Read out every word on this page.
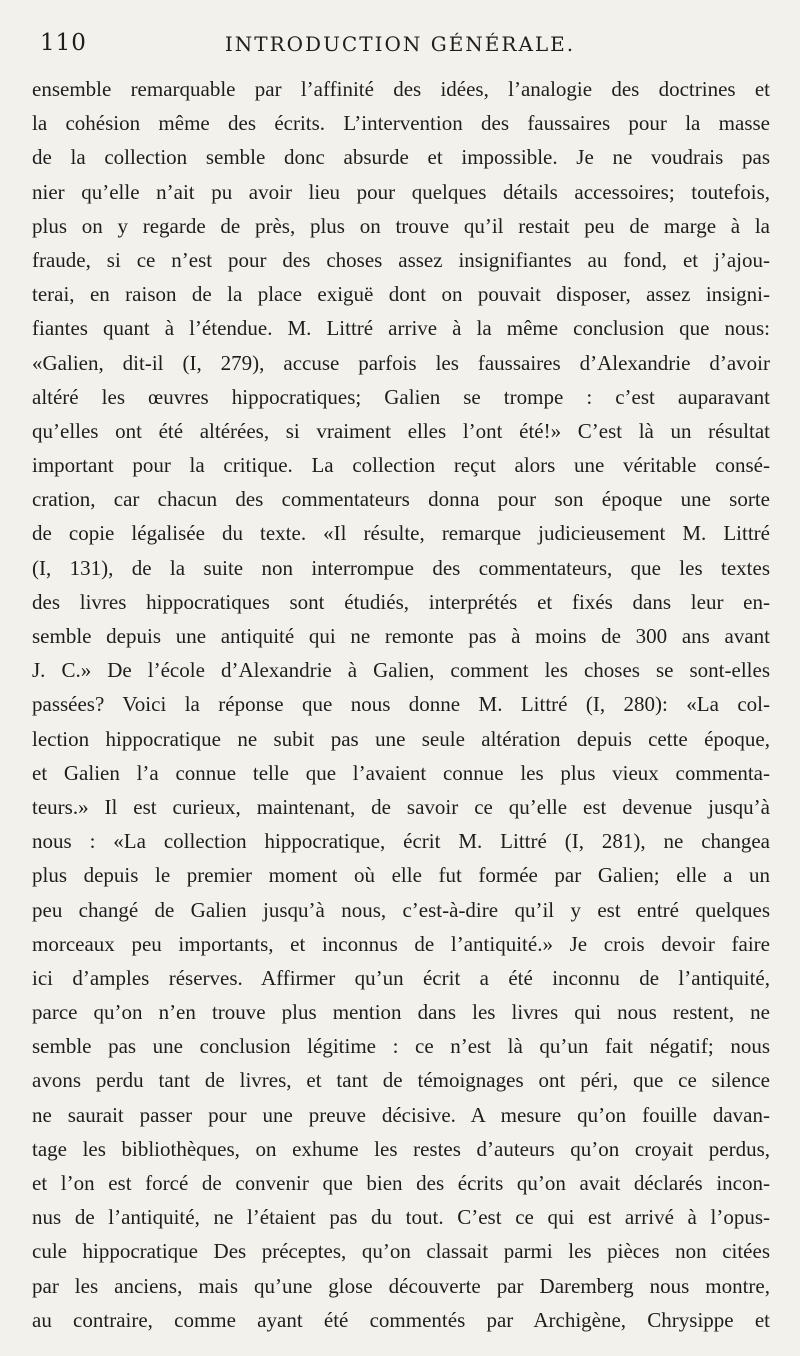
110	INTRODUCTION GÉNÉRALE.
ensemble remarquable par l’affinité des idées, l’analogie des doctrines et
la cohésion même des écrits. L’intervention des faussaires pour la masse
de la collection semble donc absurde et impossible. Je ne voudrais pas
nier qu’elle n’ait pu avoir lieu pour quelques détails accessoires; toutefois,
plus on y regarde de près, plus on trouve qu’il restait peu de marge à la
fraude, si ce n’est pour des choses assez insignifiantes au fond, et j’ajou-
terai, en raison de la place exiguë dont on pouvait disposer, assez insigni-
fiantes quant à l’étendue. M. Littré arrive à la même conclusion que nous:
«Galien, dit-il (I, 279), accuse parfois les faussaires d’Alexandrie d’avoir
altéré les œuvres hippocratiques; Galien se trompe : c’est auparavant
qu’elles ont été altérées, si vraiment elles l’ont été!» C’est là un résultat
important pour la critique. La collection reçut alors une véritable consé-
cration, car chacun des commentateurs donna pour son époque une sorte
de copie légalisée du texte. «Il résulte, remarque judicieusement M. Littré
(I, 131), de la suite non interrompue des commentateurs, que les textes
des livres hippocratiques sont étudiés, interprétés et fixés dans leur en-
semble depuis une antiquité qui ne remonte pas à moins de 300 ans avant
J. C.» De l’école d’Alexandrie à Galien, comment les choses se sont-elles
passées? Voici la réponse que nous donne M. Littré (I, 280): «La col-
lection hippocratique ne subit pas une seule altération depuis cette époque,
et Galien l’a connue telle que l’avaient connue les plus vieux commenta-
teurs.» Il est curieux, maintenant, de savoir ce qu’elle est devenue jusqu’à
nous : «La collection hippocratique, écrit M. Littré (I, 281), ne changea
plus depuis le premier moment où elle fut formée par Galien; elle a un
peu changé de Galien jusqu’à nous, c’est-à-dire qu’il y est entré quelques
morceaux peu importants, et inconnus de l’antiquité.» Je crois devoir faire
ici d’amples réserves. Affirmer qu’un écrit a été inconnu de l’antiquité,
parce qu’on n’en trouve plus mention dans les livres qui nous restent, ne
semble pas une conclusion légitime : ce n’est là qu’un fait négatif; nous
avons perdu tant de livres, et tant de témoignages ont péri, que ce silence
ne saurait passer pour une preuve décisive. A mesure qu’on fouille davan-
tage les bibliothèques, on exhume les restes d’auteurs qu’on croyait perdus,
et l’on est forcé de convenir que bien des écrits qu’on avait déclarés incon-
nus de l’antiquité, ne l’étaient pas du tout. C’est ce qui est arrivé à l’opus-
cule hippocratique Des préceptes, qu’on classait parmi les pièces non citées
par les anciens, mais qu’une glose découverte par Daremberg nous montre,
au contraire, comme ayant été commentés par Archigène, Chrysippe et
